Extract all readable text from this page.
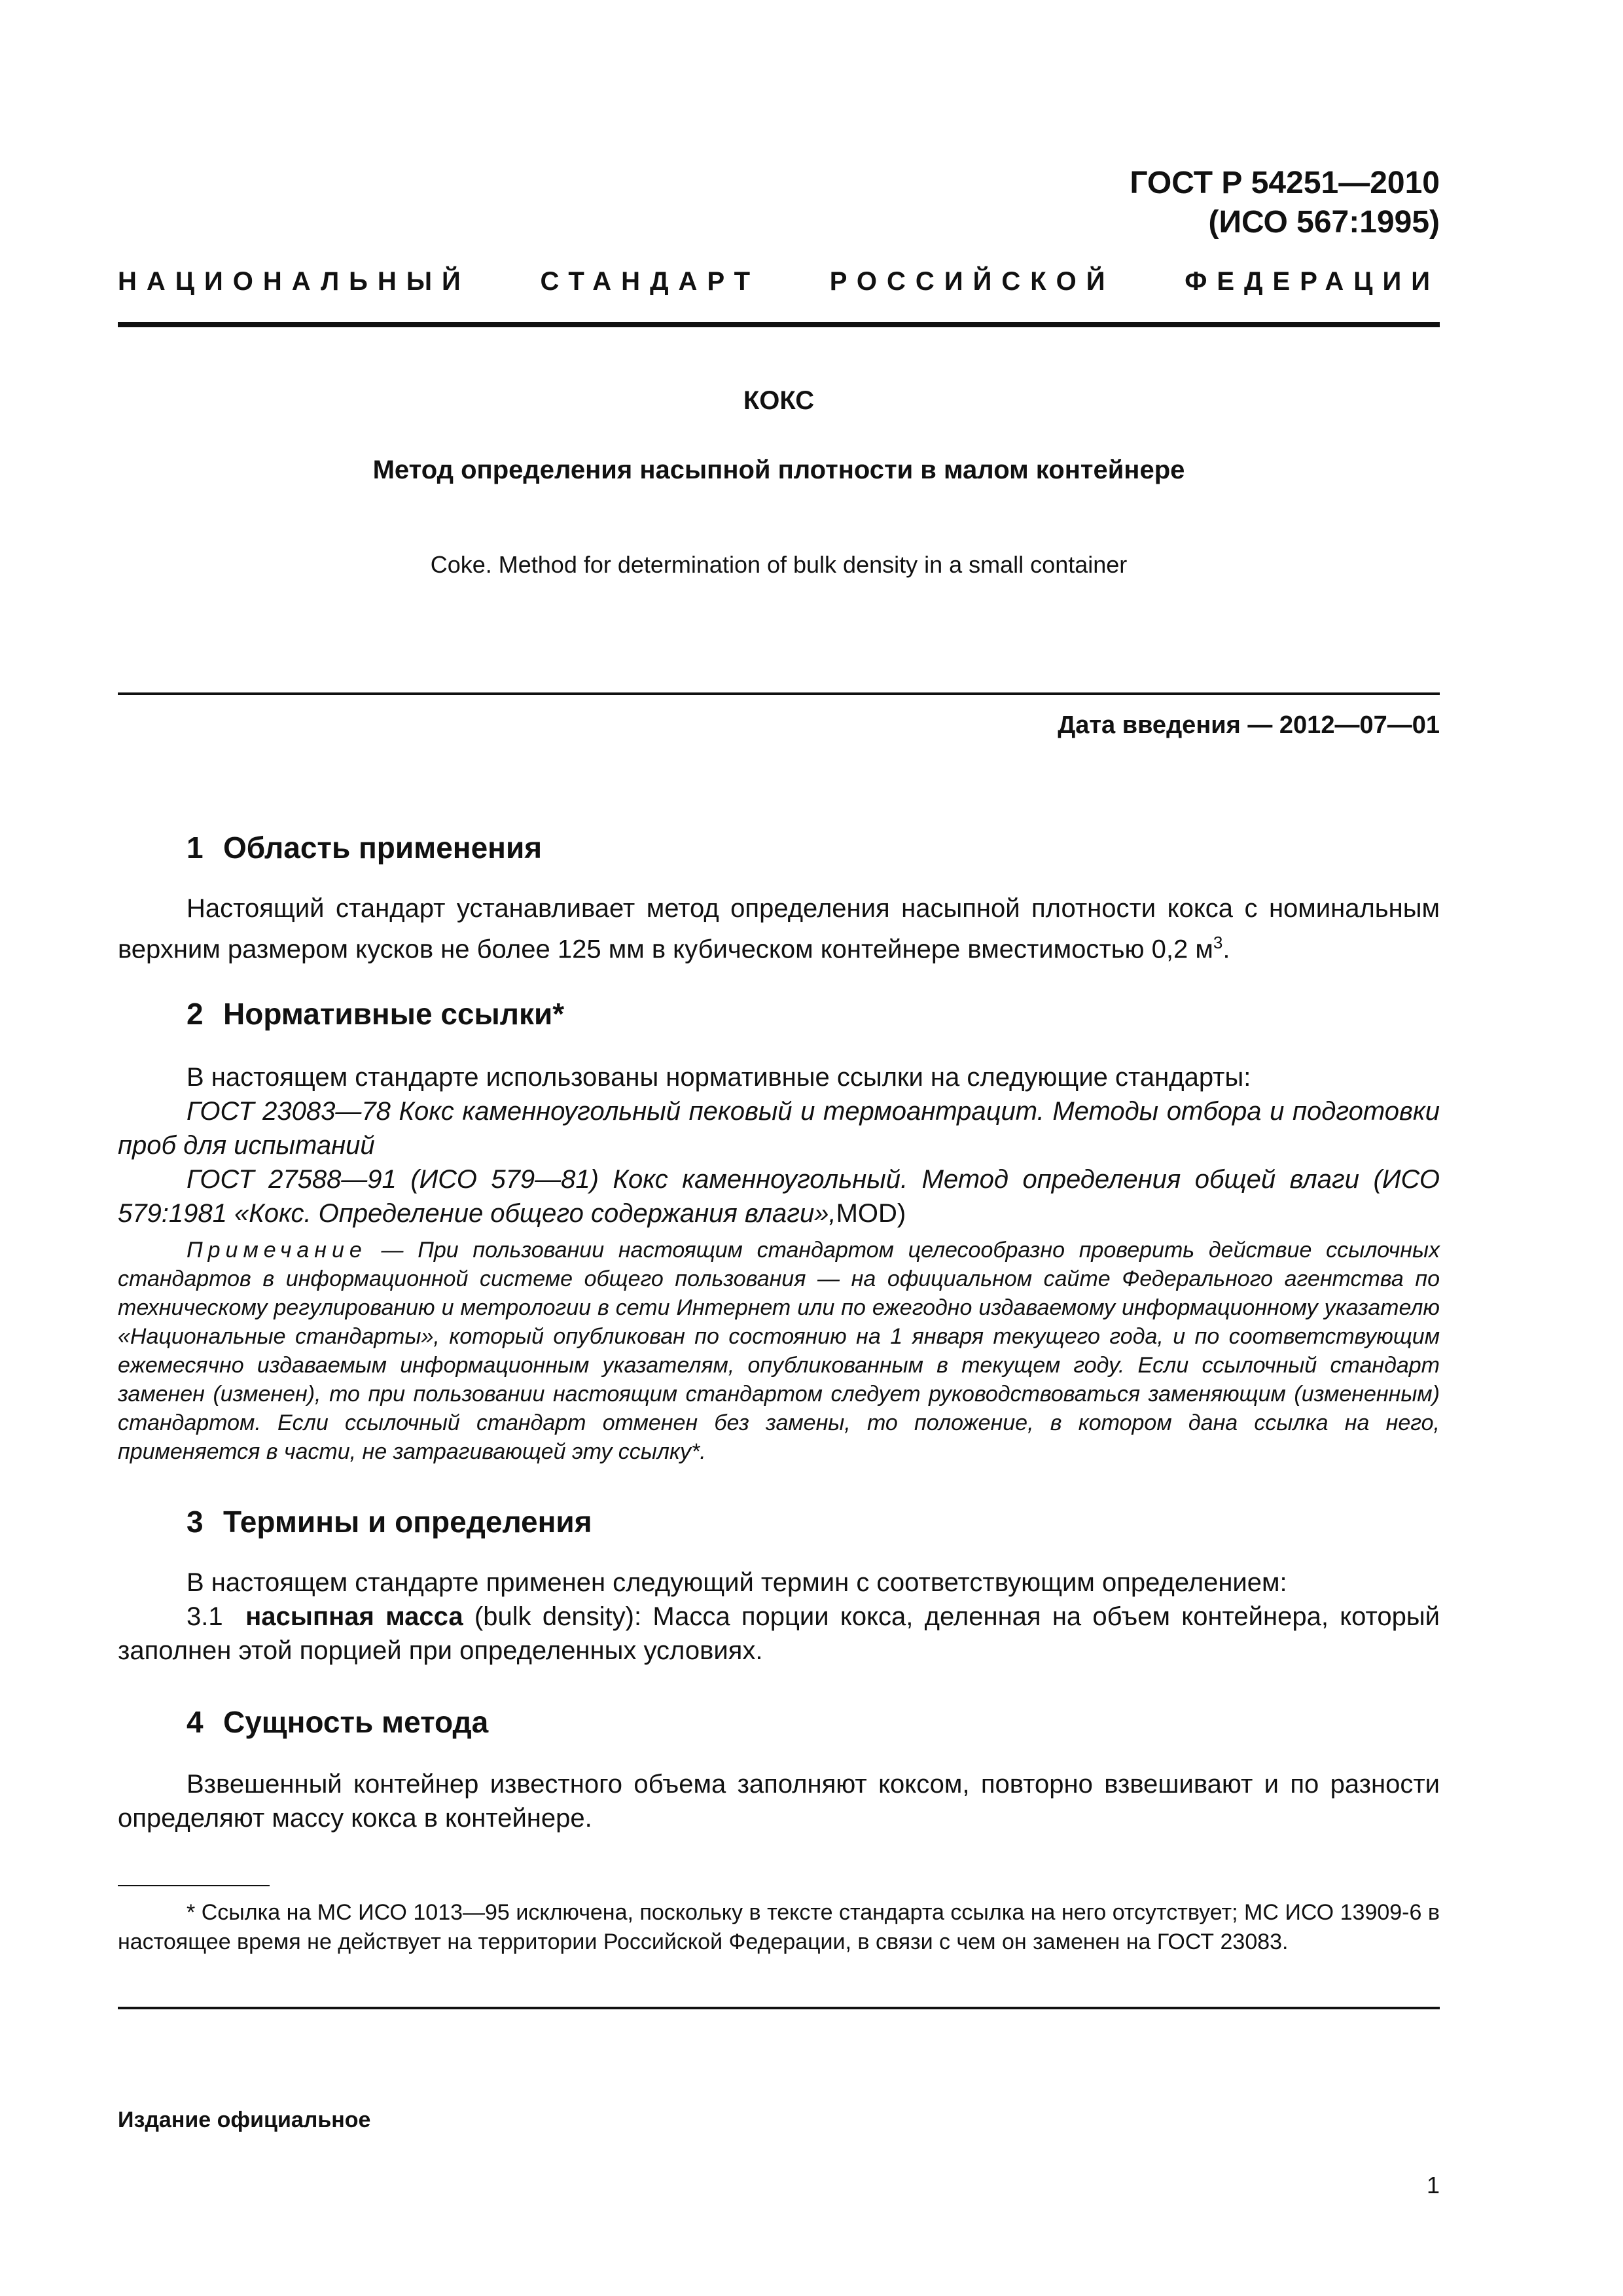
ГОСТ Р 54251—2010
(ИСО 567:1995)
НАЦИОНАЛЬНЫЙ	СТАНДАРТ	РОССИЙСКОЙ	ФЕДЕРАЦИИ
КОКС
Метод определения насыпной плотности в малом контейнере
Coke. Method for determination of bulk density in a small container
Дата введения — 2012—07—01
1 Область применения
Настоящий стандарт устанавливает метод определения насыпной плотности кокса с номинальным верхним размером кусков не более 125 мм в кубическом контейнере вместимостью 0,2 $м^3$.
2 Нормативные ссылки*
В настоящем стандарте использованы нормативные ссылки на следующие стандарты:
ГОСТ 23083—78 Кокс каменноугольный пековый и термоантрацит. Методы отбора и подготовки проб для испытаний
ГОСТ 27588—91 (ИСО 579—81) Кокс каменноугольный. Метод определения общей влаги (ИСО 579:1981 «Кокс. Определение общего содержания влаги»,MOD)
Примечание — При пользовании настоящим стандартом целесообразно проверить действие ссылочных стандартов в информационной системе общего пользования — на официальном сайте Федерального агентства по техническому регулированию и метрологии в сети Интернет или по ежегодно издаваемому информационному указателю «Национальные стандарты», который опубликован по состоянию на 1 января текущего года, и по соответствующим ежемесячно издаваемым информационным указателям, опубликованным в текущем году. Если ссылочный стандарт заменен (изменен), то при пользовании настоящим стандартом следует руководствоваться заменяющим (измененным) стандартом. Если ссылочный стандарт отменен без замены, то положение, в котором дана ссылка на него, применяется в части, не затрагивающей эту ссылку*.
3 Термины и определения
В настоящем стандарте применен следующий термин с соответствующим определением:
3.1 насыпная масса (bulk density): Масса порции кокса, деленная на объем контейнера, который заполнен этой порцией при определенных условиях.
4 Сущность метода
Взвешенный контейнер известного объема заполняют коксом, повторно взвешивают и по разности определяют массу кокса в контейнере.
* Ссылка на МС ИСО 1013—95 исключена, поскольку в тексте стандарта ссылка на него отсутствует; МС ИСО 13909-6 в настоящее время не действует на территории Российской Федерации, в связи с чем он заменен на ГОСТ 23083.
Издание официальное
1
